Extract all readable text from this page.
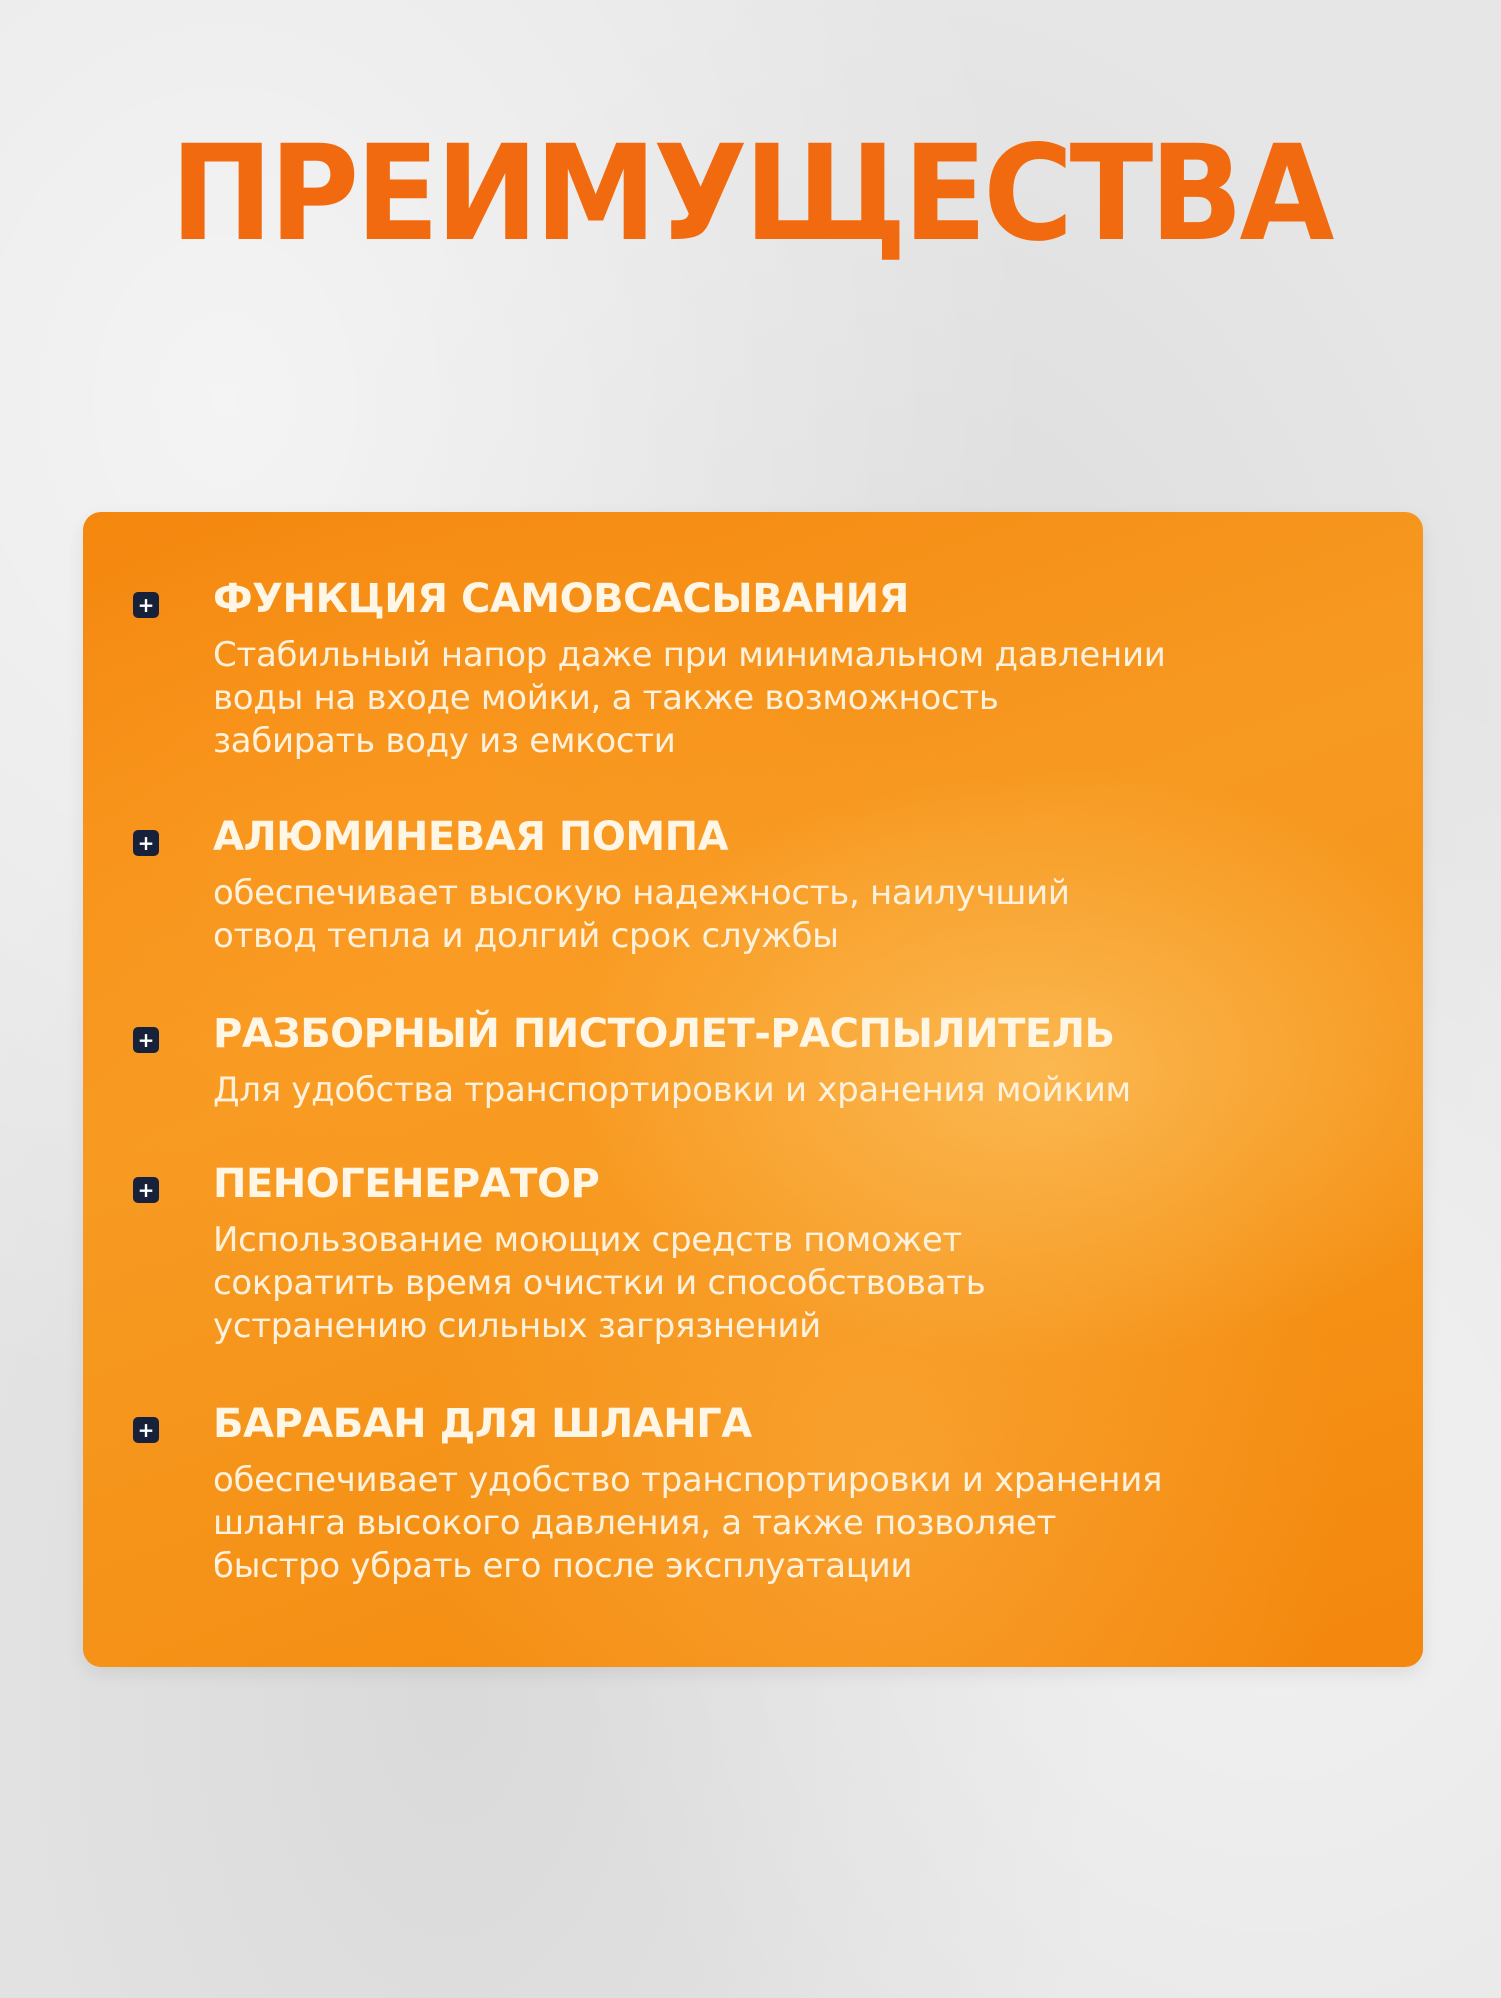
ПРЕИМУЩЕСТВА
+ ФУНКЦИЯ САМОВСАСЫВАНИЯ
Стабильный напор даже при минимальном давлении
воды на входе мойки, а также возможность
забирать воду из емкости
+ АЛЮМИНЕВАЯ ПОМПА
обеспечивает высокую надежность, наилучший
отвод тепла и долгий срок службы
+ РАЗБОРНЫЙ ПИСТОЛЕТ-РАСПЫЛИТЕЛЬ
Для удобства транспортировки и хранения мойким
+ ПЕНОГЕНЕРАТОР
Использование моющих средств поможет
сократить время очистки и способствовать
устранению сильных загрязнений
+ БАРАБАН ДЛЯ ШЛАНГА
обеспечивает удобство транспортировки и хранения
шланга высокого давления, а также позволяет
быстро убрать его после эксплуатации
